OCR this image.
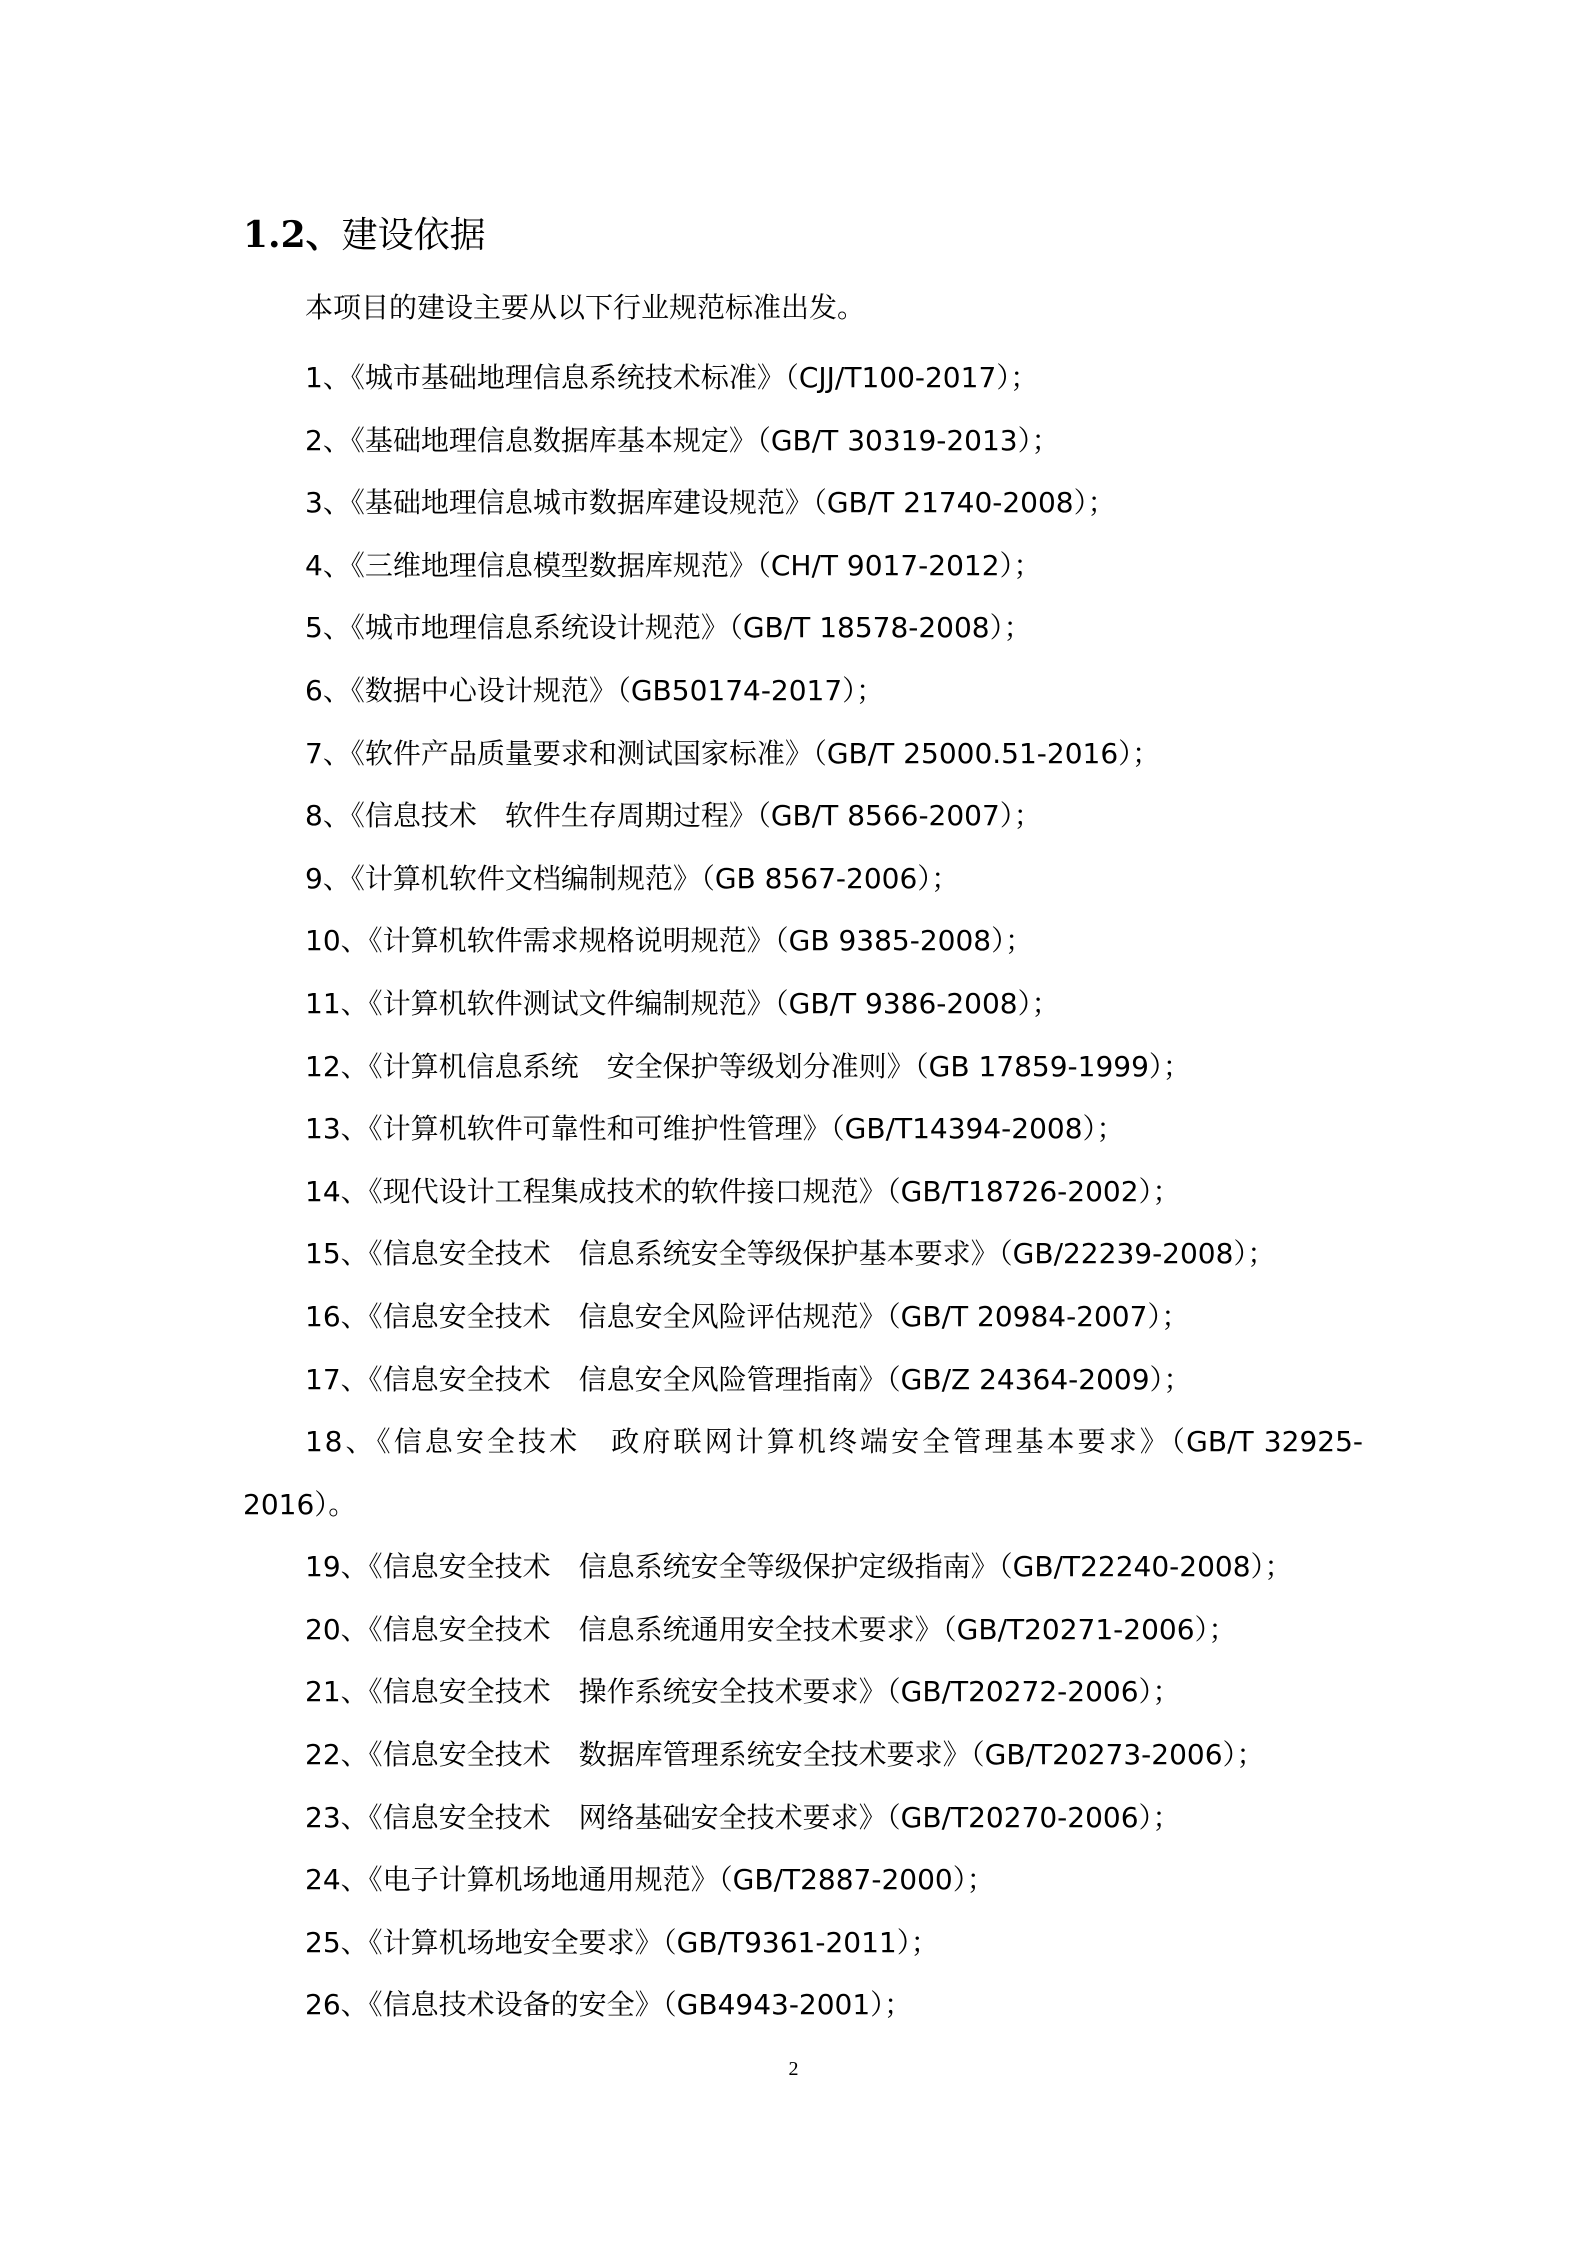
1.2、建设依据

本项目的建设主要从以下行业规范标准出发。

1、《城市基础地理信息系统技术标准》（CJJ/T100-2017）；
2、《基础地理信息数据库基本规定》（GB/T 30319-2013）；
3、《基础地理信息城市数据库建设规范》（GB/T 21740-2008）；
4、《三维地理信息模型数据库规范》（CH/T 9017-2012）；
5、《城市地理信息系统设计规范》（GB/T 18578-2008）；
6、《数据中心设计规范》（GB50174-2017）；
7、《软件产品质量要求和测试国家标准》（GB/T 25000.51-2016）；
8、《信息技术　软件生存周期过程》（GB/T 8566-2007）；
9、《计算机软件文档编制规范》（GB 8567-2006）；
10、《计算机软件需求规格说明规范》（GB 9385-2008）；
11、《计算机软件测试文件编制规范》（GB/T 9386-2008）；
12、《计算机信息系统　安全保护等级划分准则》（GB 17859-1999）；
13、《计算机软件可靠性和可维护性管理》（GB/T14394-2008）；
14、《现代设计工程集成技术的软件接口规范》（GB/T18726-2002）；
15、《信息安全技术　信息系统安全等级保护基本要求》（GB/22239-2008）；
16、《信息安全技术　信息安全风险评估规范》（GB/T 20984-2007）；
17、《信息安全技术　信息安全风险管理指南》（GB/Z 24364-2009）；
18、《信息安全技术　政府联网计算机终端安全管理基本要求》（GB/T 32925-2016）。
19、《信息安全技术　信息系统安全等级保护定级指南》（GB/T22240-2008）；
20、《信息安全技术　信息系统通用安全技术要求》（GB/T20271-2006）；
21、《信息安全技术　操作系统安全技术要求》（GB/T20272-2006）；
22、《信息安全技术　数据库管理系统安全技术要求》（GB/T20273-2006）；
23、《信息安全技术　网络基础安全技术要求》（GB/T20270-2006）；
24、《电子计算机场地通用规范》（GB/T2887-2000）；
25、《计算机场地安全要求》（GB/T9361-2011）；
26、《信息技术设备的安全》（GB4943-2001）；
2
